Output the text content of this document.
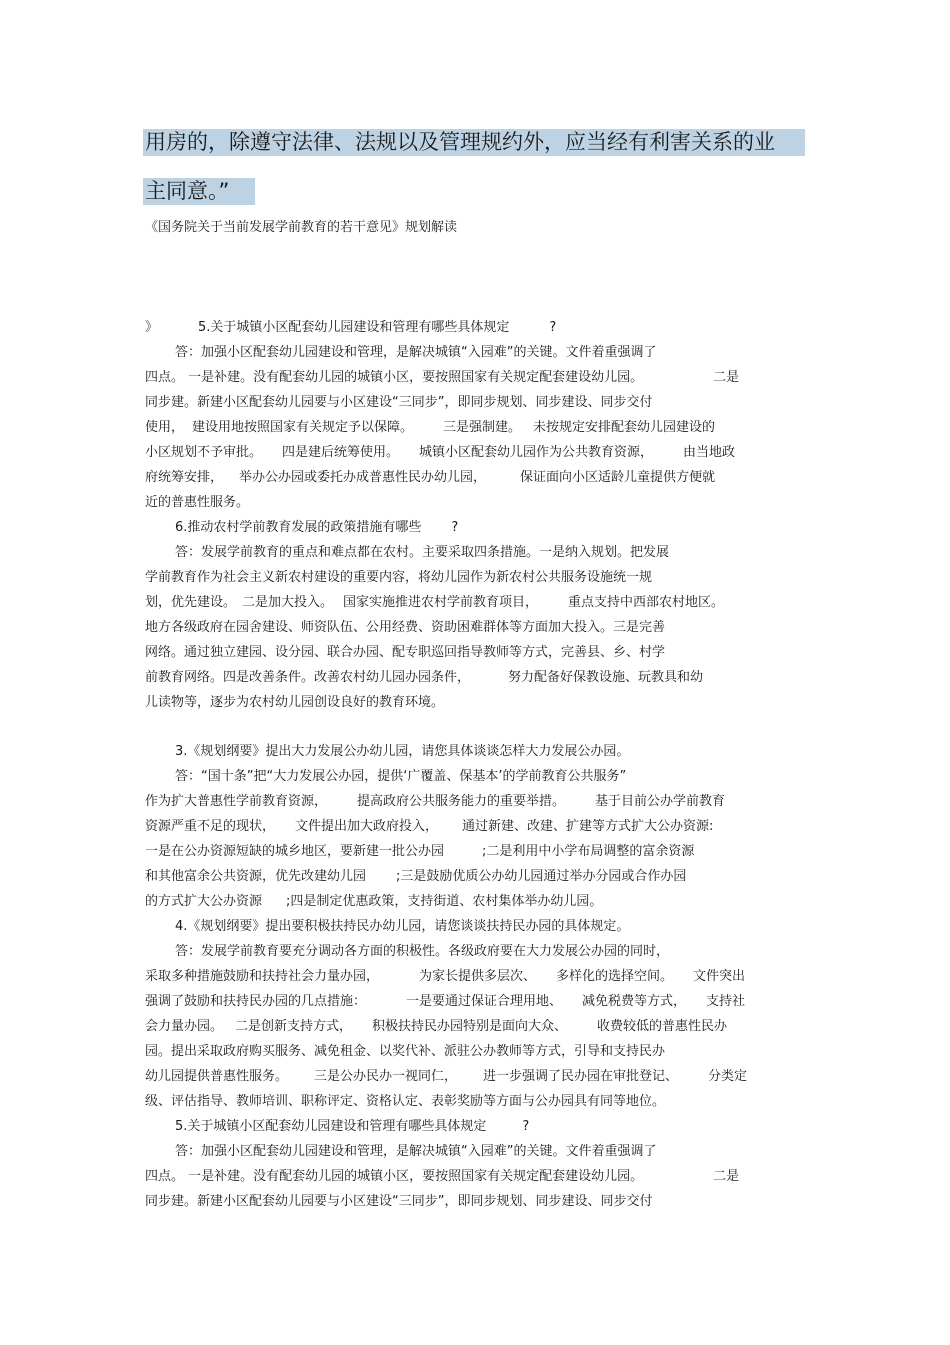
用房的，除遵守法律、法规以及管理规约外，应当经有利害关系的业
主同意。”
《国务院关于当前发展学前教育的若干意见》规划解读
》	5.关于城镇小区配套幼儿园建设和管理有哪些具体规定	?
答：加强小区配套幼儿园建设和管理，是解决城镇“入园难”的关键。文件着重强调了
四点。 一是补建。没有配套幼儿园的城镇小区，要按照国家有关规定配套建设幼儿园。	二是
同步建。新建小区配套幼儿园要与小区建设“三同步”，即同步规划、同步建设、同步交付
使用， 建设用地按照国家有关规定予以保障。 三是强制建。 未按规定安排配套幼儿园建设的
小区规划不予审批。 四是建后统筹使用。 城镇小区配套幼儿园作为公共教育资源， 由当地政
府统筹安排， 举办公办园或委托办成普惠性民办幼儿园，	保证面向小区适龄儿童提供方便就
近的普惠性服务。
6.推动农村学前教育发展的政策措施有哪些 ?
答：发展学前教育的重点和难点都在农村。主要采取四条措施。一是纳入规划。把发展
学前教育作为社会主义新农村建设的重要内容，将幼儿园作为新农村公共服务设施统一规
划，优先建设。 二是加大投入。 国家实施推进农村学前教育项目， 重点支持中西部农村地区。
地方各级政府在园舍建设、师资队伍、公用经费、资助困难群体等方面加大投入。三是完善
网络。通过独立建园、设分园、联合办园、配专职巡回指导教师等方式，完善县、乡、村学
前教育网络。四是改善条件。改善农村幼儿园办园条件，	努力配备好保教设施、玩教具和幼
儿读物等，逐步为农村幼儿园创设良好的教育环境。
3.《规划纲要》提出大力发展公办幼儿园，请您具体谈谈怎样大力发展公办园。
答：“国十条”把“大力发展公办园，提供‘广覆盖、保基本’的学前教育公共服务”
作为扩大普惠性学前教育资源， 提高政府公共服务能力的重要举措。 基于目前公办学前教育
资源严重不足的现状， 文件提出加大政府投入， 通过新建、改建、扩建等方式扩大公办资源:
一是在公办资源短缺的城乡地区，要新建一批公办园	;二是利用中小学布局调整的富余资源
和其他富余公共资源，优先改建幼儿园 ;三是鼓励优质公办幼儿园通过举办分园或合作办园
的方式扩大公办资源 ;四是制定优惠政策，支持街道、农村集体举办幼儿园。
4.《规划纲要》提出要积极扶持民办幼儿园，请您谈谈扶持民办园的具体规定。
答：发展学前教育要充分调动各方面的积极性。各级政府要在大力发展公办园的同时，
采取多种措施鼓励和扶持社会力量办园，	为家长提供多层次、 多样化的选择空间。 文件突出
强调了鼓励和扶持民办园的几点措施：	一是要通过保证合理用地、 减免税费等方式， 支持社
会力量办园。 二是创新支持方式， 积极扶持民办园特别是面向大众、 收费较低的普惠性民办
园。提出采取政府购买服务、减免租金、以奖代补、派驻公办教师等方式，引导和支持民办
幼儿园提供普惠性服务。 三是公办民办一视同仁， 进一步强调了民办园在审批登记、 分类定
级、评估指导、教师培训、职称评定、资格认定、表彰奖励等方面与公办园具有同等地位。
5.关于城镇小区配套幼儿园建设和管理有哪些具体规定	?
答：加强小区配套幼儿园建设和管理，是解决城镇“入园难”的关键。文件着重强调了
四点。 一是补建。没有配套幼儿园的城镇小区，要按照国家有关规定配套建设幼儿园。	二是
同步建。新建小区配套幼儿园要与小区建设“三同步”，即同步规划、同步建设、同步交付
